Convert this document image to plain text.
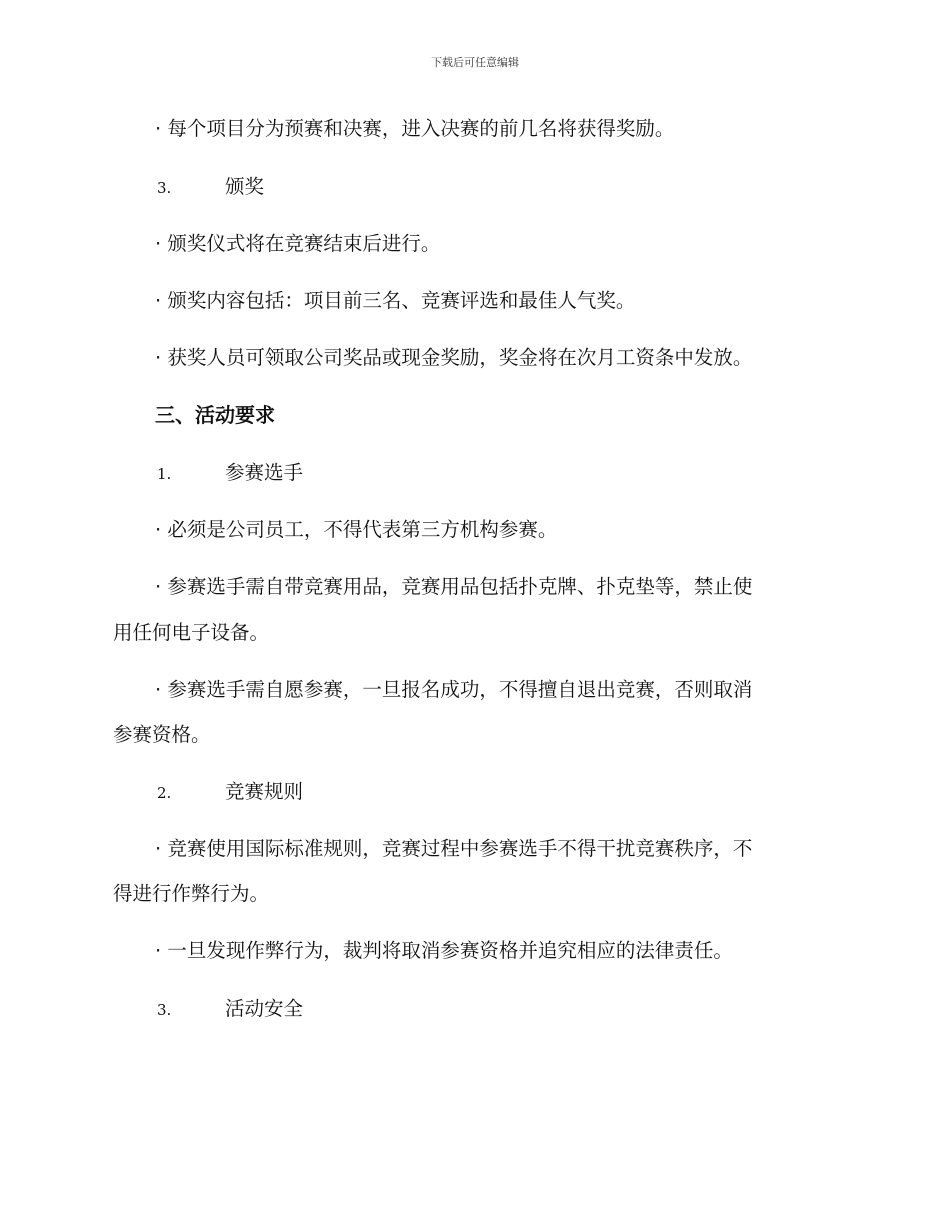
下载后可任意编辑
· 每个项目分为预赛和决赛，进入决赛的前几名将获得奖励。
3.	颁奖
· 颁奖仪式将在竞赛结束后进行。
· 颁奖内容包括：项目前三名、竞赛评选和最佳人气奖。
· 获奖人员可领取公司奖品或现金奖励，奖金将在次月工资条中发放。
三、活动要求
1.	参赛选手
· 必须是公司员工，不得代表第三方机构参赛。
· 参赛选手需自带竞赛用品，竞赛用品包括扑克牌、扑克垫等，禁止使
用任何电子设备。
· 参赛选手需自愿参赛，一旦报名成功，不得擅自退出竞赛，否则取消
参赛资格。
2.	竞赛规则
· 竞赛使用国际标准规则，竞赛过程中参赛选手不得干扰竞赛秩序，不
得进行作弊行为。
· 一旦发现作弊行为，裁判将取消参赛资格并追究相应的法律责任。
3.	活动安全
